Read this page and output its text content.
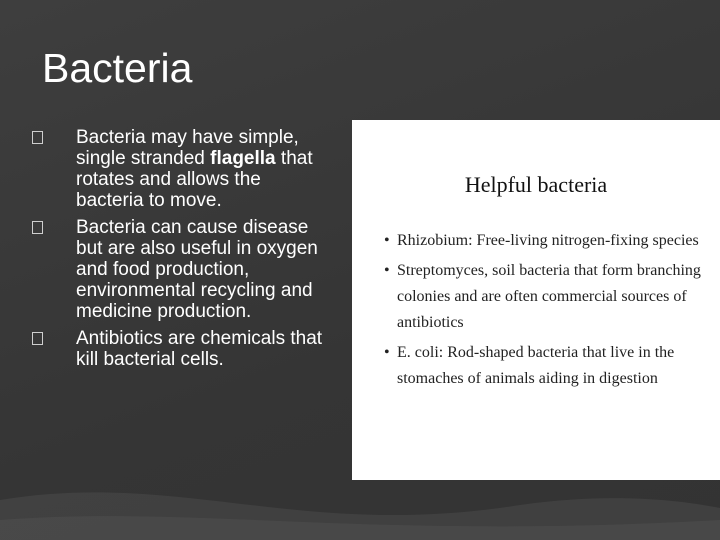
Bacteria
Bacteria may have simple, single stranded flagella that rotates and allows the bacteria to move.
Bacteria can cause disease but are also useful in oxygen and food production, environmental recycling and medicine production.
Antibiotics are chemicals that kill bacterial cells.
Helpful bacteria
• Rhizobium: Free-living nitrogen-fixing species
• Streptomyces, soil bacteria that form branching colonies and are often commercial sources of antibiotics
• E. coli: Rod-shaped bacteria that live in the stomaches of animals aiding in digestion
